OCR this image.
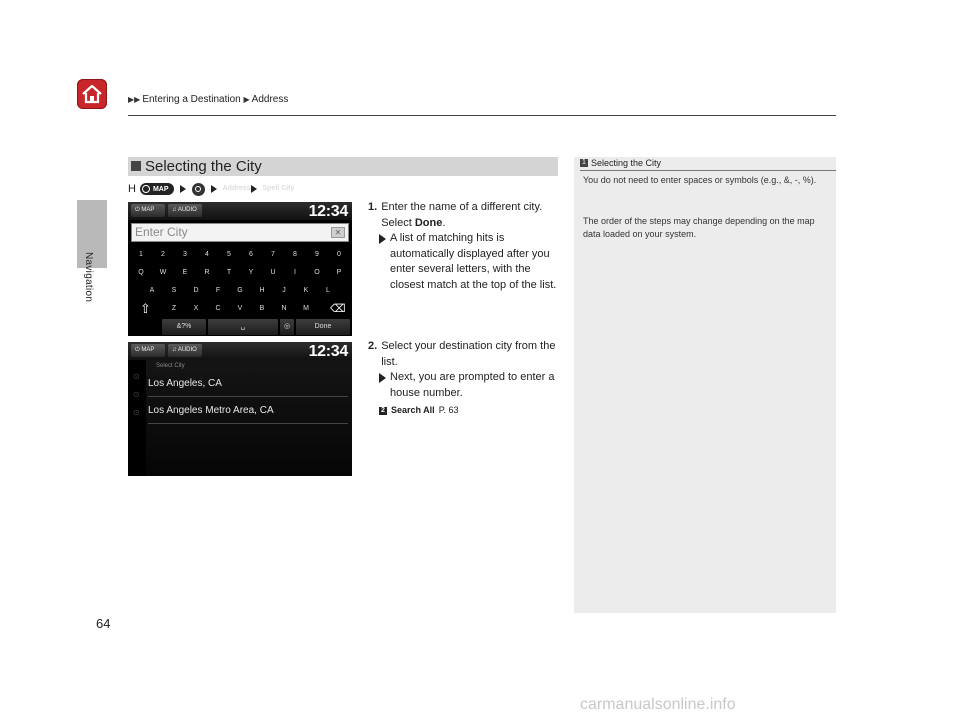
▶▶ Entering a Destination ▶ Address
Navigation
Selecting the City
H MAP	Address Spell City
⏻ MAP	♫ AUDIO	12:34
Enter City	✕
1	2	3	4	5	6	7	8	9	0
Q	W	E	R	T	Y	U	I	O	P
A	S	D	F	G	H	J	K	L
Z	X	C	V	B	N	M
⇧	⌫
&?%	␣	◎	Done
⏻ MAP	♫ AUDIO	12:34
Select City
Los Angeles, CA
Los Angeles Metro Area, CA
⊙

⊙

⊙
1. Enter the name of a different city. Select Done.
A list of matching hits is automatically displayed after you enter several letters, with the closest match at the top of the list.
2. Select your destination city from the list.
Next, you are prompted to enter a house number.
2 Search All P. 63
1 Selecting the City
You do not need to enter spaces or symbols (e.g., &, -, %).
The order of the steps may change depending on the map data loaded on your system.
64
carmanualsonline.info
